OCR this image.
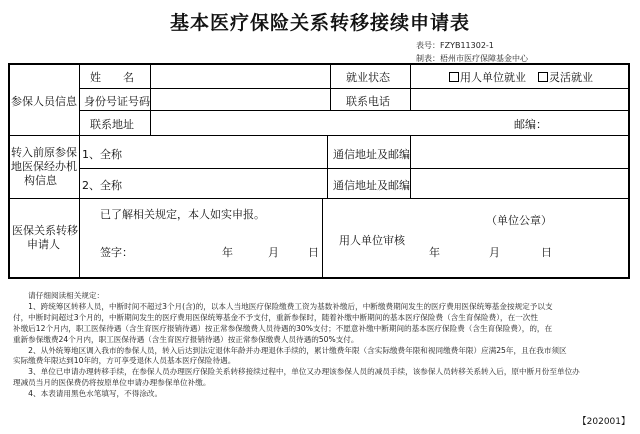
基本医疗保险关系转移接续申请表
表号：FZYB11302-1
制表：梧州市医疗保障基金中心
参保人员信息
姓　　名	就业状态	用人单位就业	灵活就业
身份号证号码	联系电话
联系地址	邮编：
转入前原参保
地医保经办机
构信息
1、全称	通信地址及邮编
2、全称	通信地址及邮编
医保关系转移
申请人
已了解相关规定，本人如实申报。
签字：	年	月	日
用人单位审核
（单位公章）
年	月	日
　　请仔细阅读相关规定：
　　1、跨统筹区转移人员，中断时间不超过3个月(含)的，以本人当地医疗保险缴费工资为基数补缴后，中断缴费期间发生的医疗费用医保统筹基金按规定予以支
付，中断时间超过3个月的，中断期间发生的医疗费用医保统筹基金不予支付，重新参保时，随着补缴中断期间的基本医疗保险费（含生育保险费），在一次性
补缴后12个月内，职工医保待遇（含生育医疗报销待遇）按正常参保缴费人员待遇的30%支付；不愿意补缴中断期间的基本医疗保险费（含生育保险费），的，在
重新参保缴费24个月内，职工医保待遇（含生育医疗报销待遇）按正常参保缴费人员待遇的50%支付。
　　2、从外统筹地区调入我市的参保人员，转入后达到法定退休年龄并办理退休手续的，累计缴费年限（含实际缴费年限和视同缴费年限）应满25年，且在我市须区
实际缴费年限达到10年的，方可享受退休人员基本医疗保险待遇。
　　3、单位已申请办理转移手续，在参保人员办理医疗保险关系转移接续过程中，单位又办理该参保人员的减员手续，该参保人员转移关系转入后，原中断月份至单位办
理减员当月的医保费仍将按原单位申请办理参保单位补缴。
　　4、本表请用黑色水笔填写，不得涂改。
【202001】
